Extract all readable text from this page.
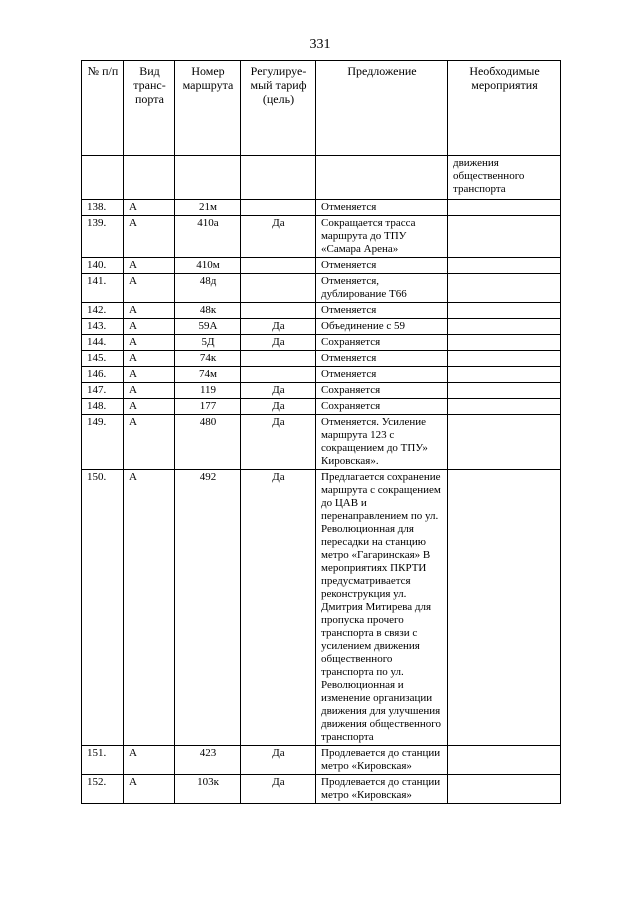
331
№ п/п	Вид транс-порта	Номер маршрута	Регулируе-мый тариф (цель)	Предложение	Необходимые мероприятия
					движения общественного транспорта
138.	А	21м		Отменяется	
139.	А	410а	Да	Сокращается трасса маршрута до ТПУ «Самара Арена»	
140.	А	410м		Отменяется	
141.	А	48д		Отменяется, дублирование Т66	
142.	А	48к		Отменяется	
143.	А	59А	Да	Объединение с 59	
144.	А	5Д	Да	Сохраняется	
145.	А	74к		Отменяется	
146.	А	74м		Отменяется	
147.	А	119	Да	Сохраняется	
148.	А	177	Да	Сохраняется	
149.	А	480	Да	Отменяется. Усиление маршрута 123 с сокращением до ТПУ» Кировская».	
150.	А	492	Да	Предлагается сохранение маршрута с сокращением до ЦАВ и перенаправлением по ул. Революционная для пересадки на станцию метро «Гагаринская» В мероприятиях ПКРТИ предусматривается реконструкция ул. Дмитрия Митирева для пропуска прочего транспорта в связи с усилением движения общественного транспорта по ул. Революционная и изменение организации движения для улучшения движения общественного транспорта	
151.	А	423	Да	Продлевается до станции метро «Кировская»	
152.	А	103к	Да	Продлевается до станции метро «Кировская»	
